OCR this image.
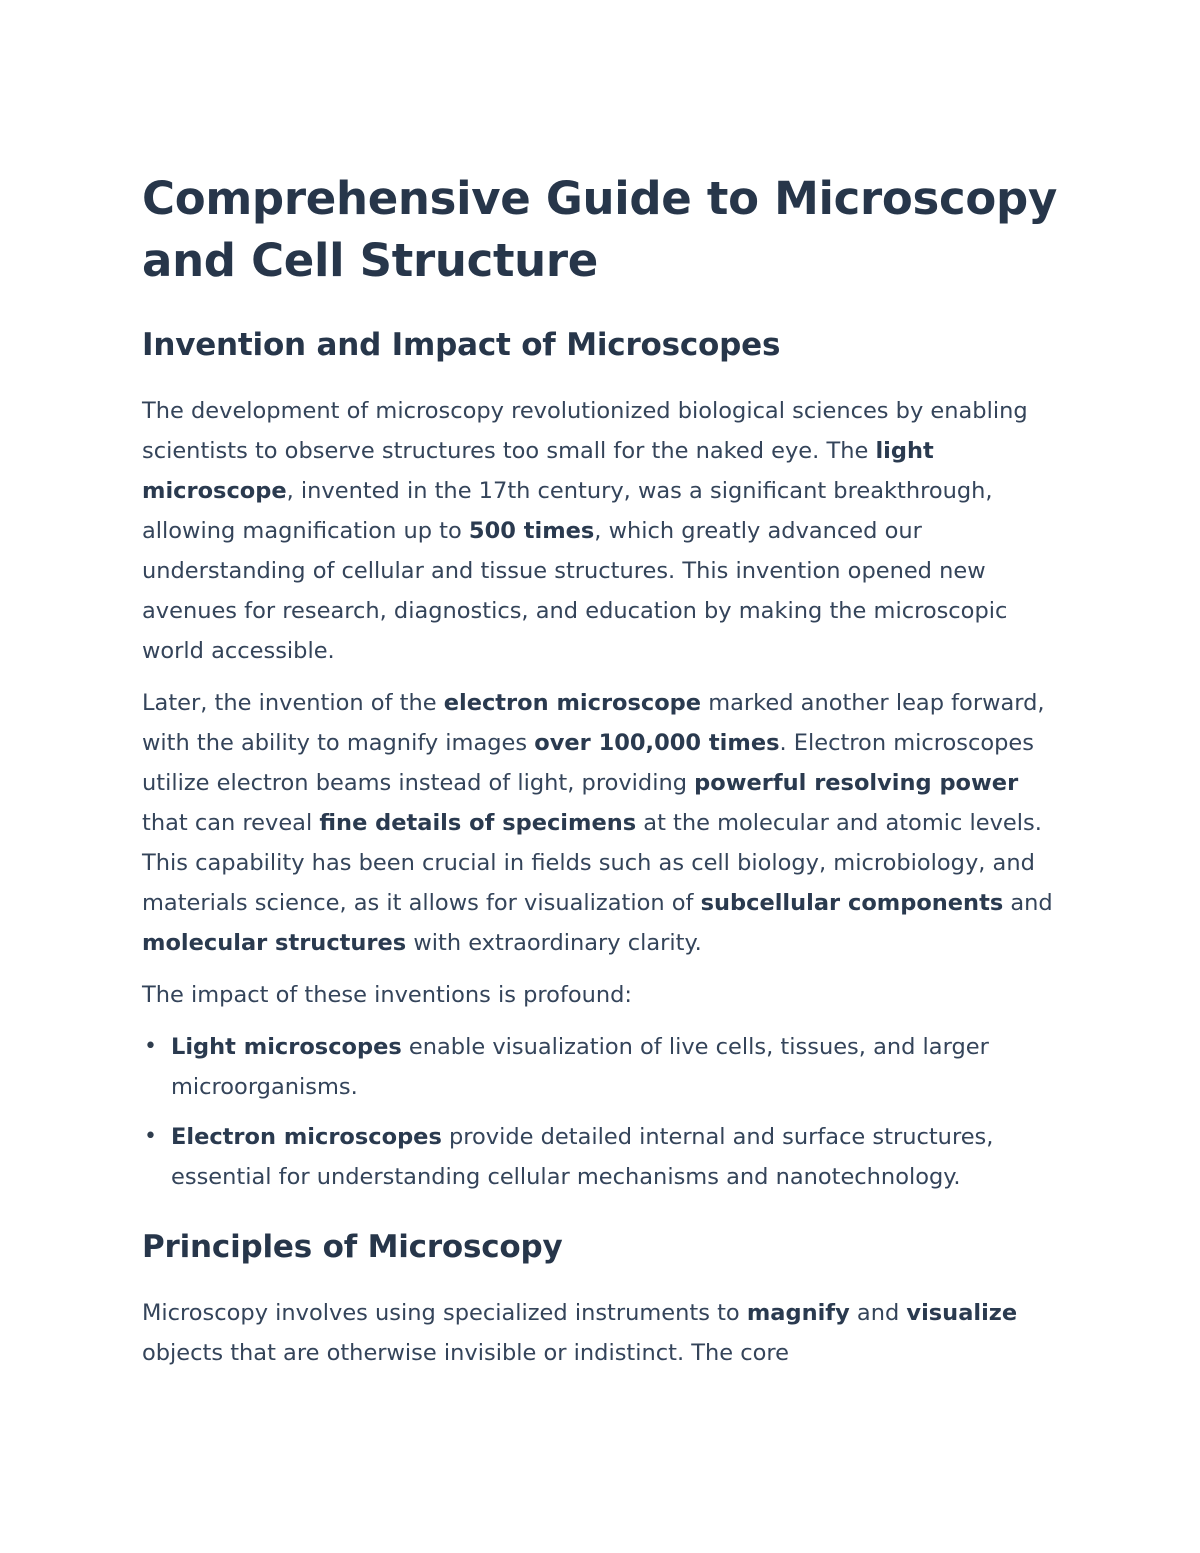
Comprehensive Guide to Microscopy and Cell Structure
Invention and Impact of Microscopes

The development of microscopy revolutionized biological sciences by enabling scientists to observe structures too small for the naked eye. The light microscope, invented in the 17th century, was a significant breakthrough, allowing magnification up to 500 times, which greatly advanced our understanding of cellular and tissue structures. This invention opened new avenues for research, diagnostics, and education by making the microscopic world accessible.

Later, the invention of the electron microscope marked another leap forward, with the ability to magnify images over 100,000 times. Electron microscopes utilize electron beams instead of light, providing powerful resolving power that can reveal fine details of specimens at the molecular and atomic levels. This capability has been crucial in fields such as cell biology, microbiology, and materials science, as it allows for visualization of subcellular components and molecular structures with extraordinary clarity.

The impact of these inventions is profound:

• Light microscopes enable visualization of live cells, tissues, and larger microorganisms.
• Electron microscopes provide detailed internal and surface structures, essential for understanding cellular mechanisms and nanotechnology.
Principles of Microscopy

Microscopy involves using specialized instruments to magnify and visualize objects that are otherwise invisible or indistinct. The core
